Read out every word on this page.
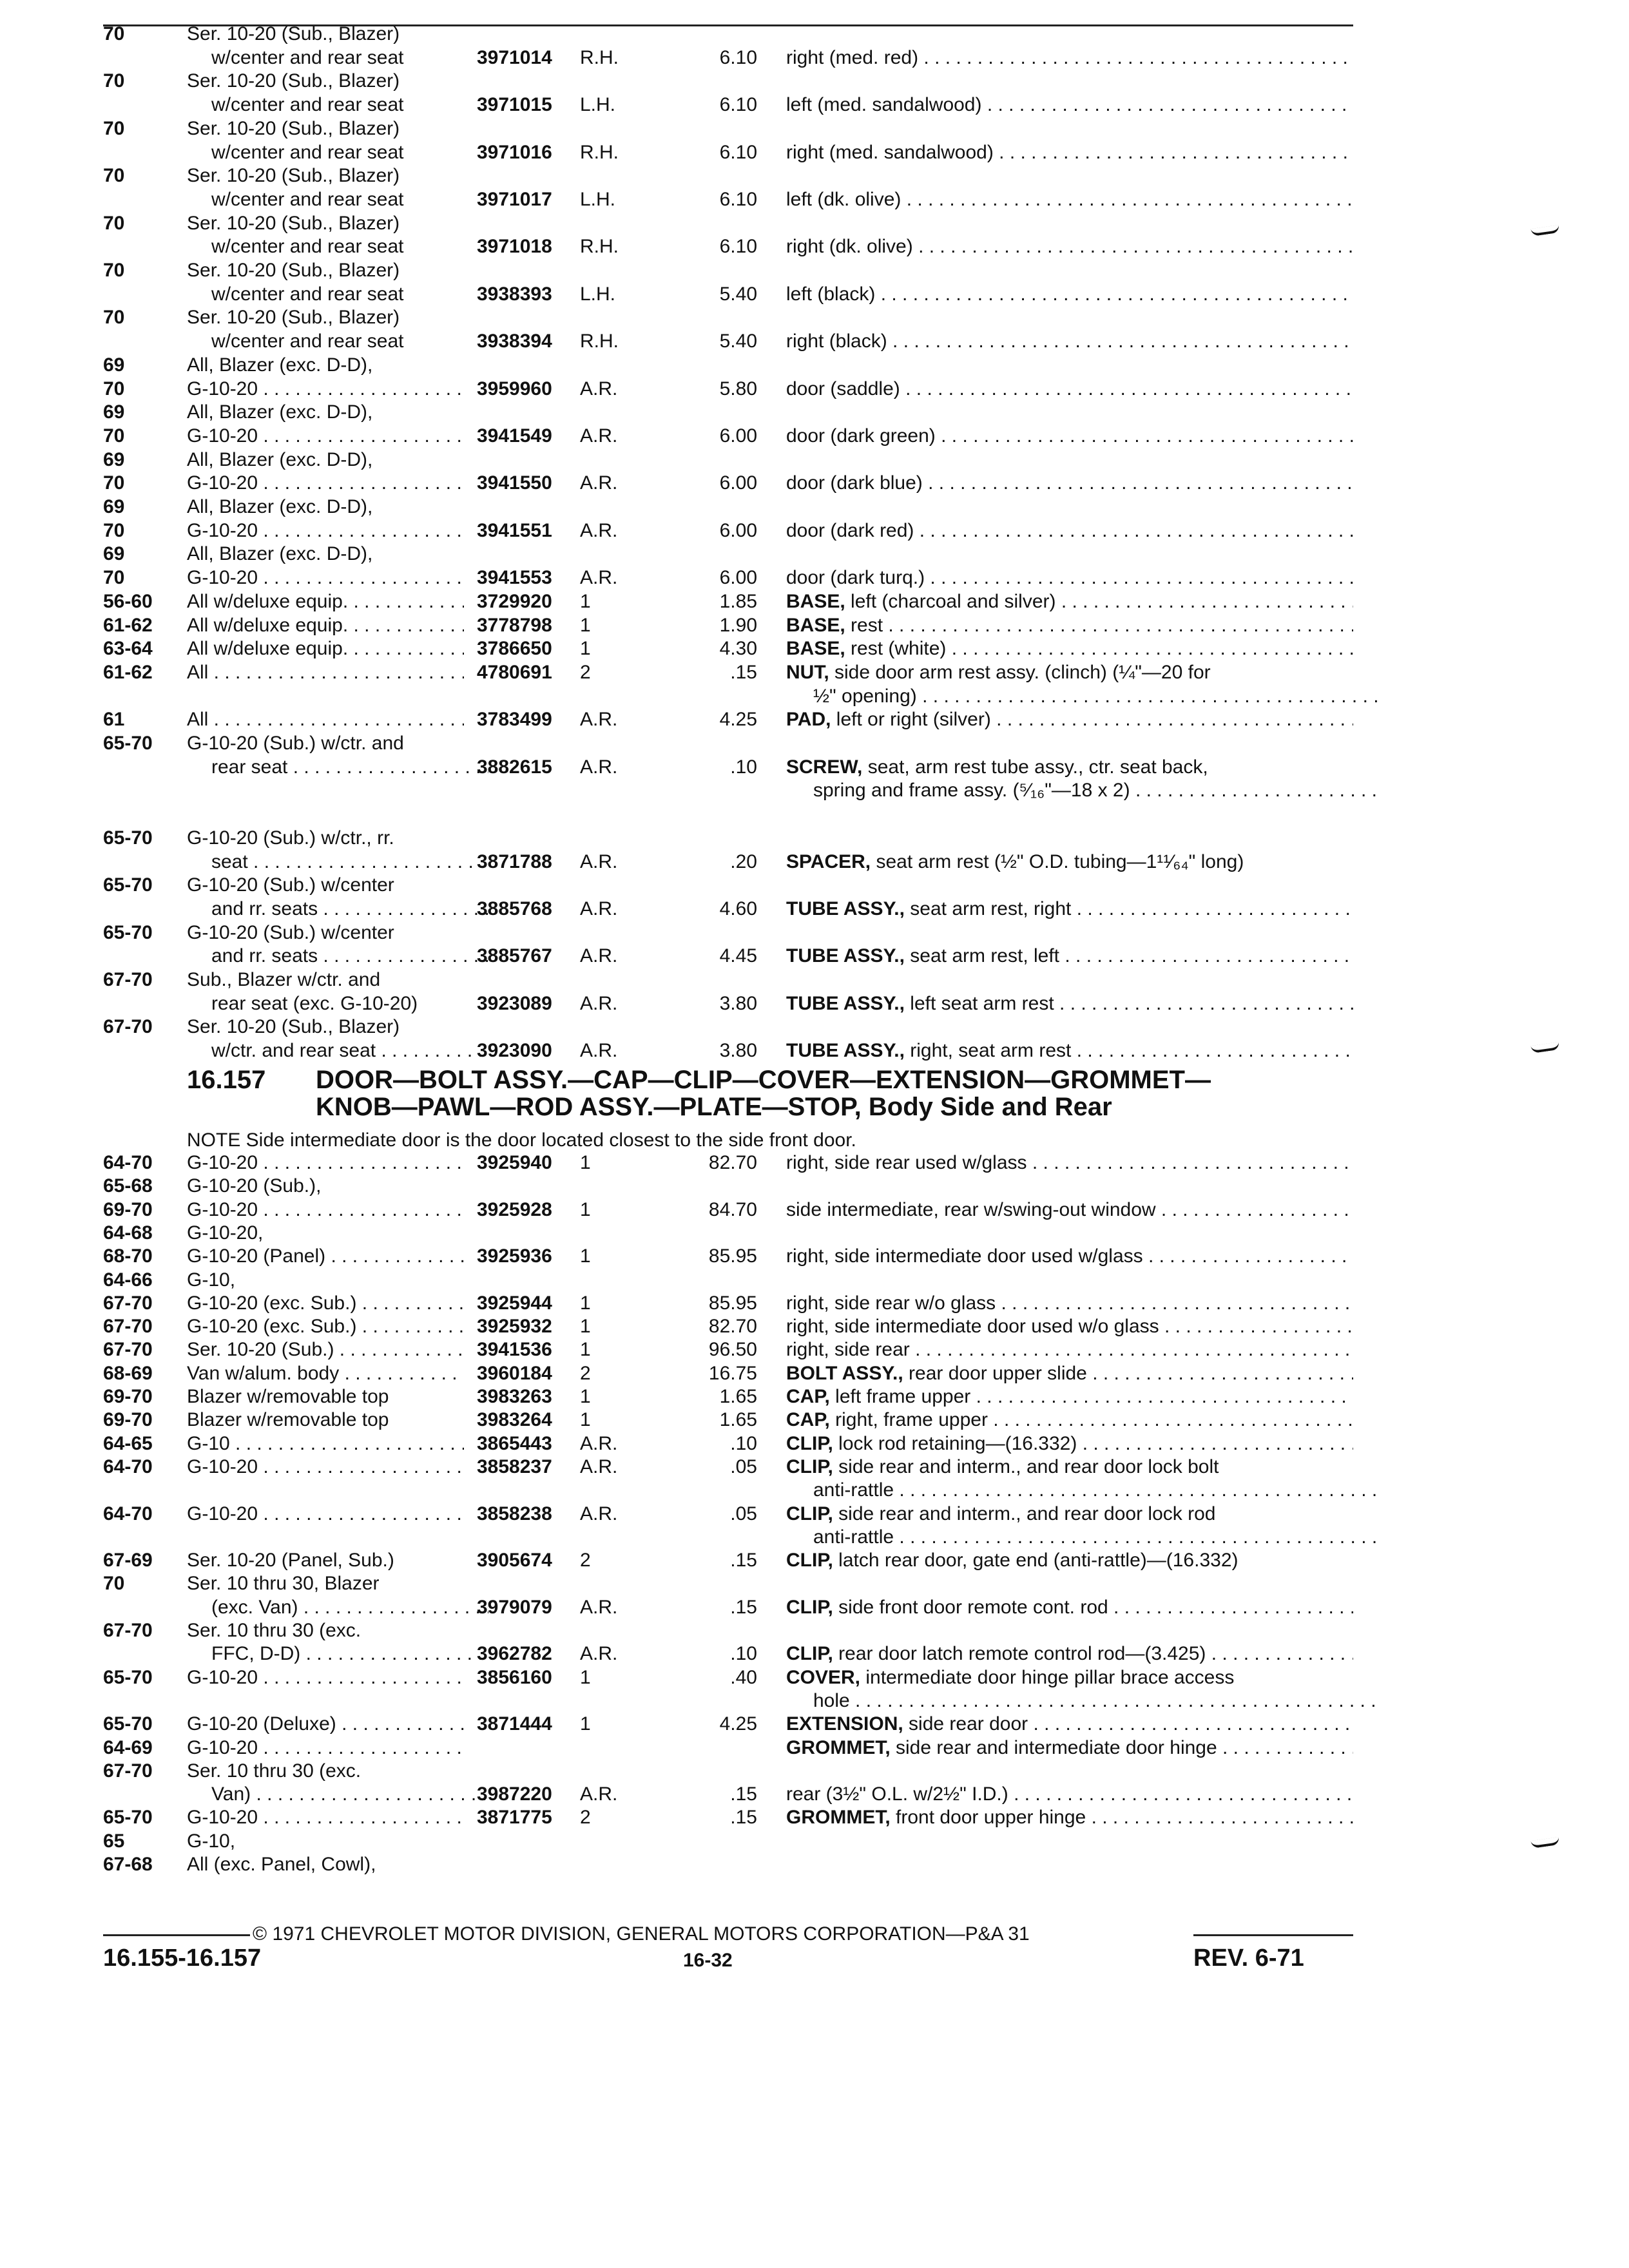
70	Ser. 10-20 (Sub., Blazer)
w/center and rear seat	3971014	R.H.	6.10 right (med. red) . . .
70	Ser. 10-20 (Sub., Blazer)
w/center and rear seat	3971015	L.H.	6.10 left (med. sandalwood) . . .
70	Ser. 10-20 (Sub., Blazer)
w/center and rear seat	3971016	R.H.	6.10 right (med. sandalwood) . . .
70	Ser. 10-20 (Sub., Blazer)
w/center and rear seat	3971017	L.H.	6.10 left (dk. olive) . . .
70	Ser. 10-20 (Sub., Blazer)
w/center and rear seat	3971018	R.H.	6.10 right (dk. olive) . . .
70	Ser. 10-20 (Sub., Blazer)
w/center and rear seat	3938393	L.H.	5.40 left (black) . . .
70	Ser. 10-20 (Sub., Blazer)
w/center and rear seat	3938394	R.H.	5.40 right (black) . . .
69	All, Blazer (exc. D-D),
70	G-10-20 . . .	3959960	A.R.	5.80 door (saddle) . . .
69	All, Blazer (exc. D-D),
70	G-10-20 . . .	3941549	A.R.	6.00 door (dark green) . . .
69	All, Blazer (exc. D-D),
70	G-10-20 . . .	3941550	A.R.	6.00 door (dark blue) . . .
69	All, Blazer (exc. D-D),
70	G-10-20 . . .	3941551	A.R.	6.00 door (dark red) . . .
69	All, Blazer (exc. D-D),
70	G-10-20 . . .	3941553	A.R.	6.00 door (dark turq.) . . .
56-60	All w/deluxe equip. . . .	3729920	1	1.85 BASE, left (charcoal and silver) . . .
61-62	All w/deluxe equip. . . .	3778798	1	1.90 BASE, rest . . .
63-64	All w/deluxe equip. . . .	3786650	1	4.30 BASE, rest (white) . . .
61-62	All . . .	4780691	2	.15 NUT, side door arm rest assy. (clinch) (¼"—20 for
½" opening) . . .
61	All . . .	3783499	A.R.	4.25 PAD, left or right (silver) . . .
65-70	G-10-20 (Sub.) w/ctr. and
rear seat . . .	3882615	A.R.	.10 SCREW, seat, arm rest tube assy., ctr. seat back,
spring and frame assy. (⁵⁄₁₆"—18 x 2) . . .
65-70	G-10-20 (Sub.) w/ctr., rr.
seat . . .	3871788	A.R.	.20 SPACER, seat arm rest (½" O.D. tubing—1¹¹⁄₆₄" long)
65-70	G-10-20 (Sub.) w/center
and rr. seats . . .	3885768	A.R.	4.60 TUBE ASSY., seat arm rest, right . . .
65-70	G-10-20 (Sub.) w/center
and rr. seats . . .	3885767	A.R.	4.45 TUBE ASSY., seat arm rest, left . . .
67-70	Sub., Blazer w/ctr. and
rear seat (exc. G-10-20)	3923089	A.R.	3.80 TUBE ASSY., left seat arm rest . . .
67-70	Ser. 10-20 (Sub., Blazer)
w/ctr. and rear seat . . .	3923090	A.R.	3.80 TUBE ASSY., right, seat arm rest . . .
16.157 DOOR—BOLT ASSY.—CAP—CLIP—COVER—EXTENSION—GROMMET—
KNOB—PAWL—ROD ASSY.—PLATE—STOP, Body Side and Rear
NOTE Side intermediate door is the door located closest to the side front door.
64-70	G-10-20 . . .	3925940	1	82.70 right, side rear used w/glass . . .
65-68	G-10-20 (Sub.),
69-70	G-10-20 . . .	3925928	1	84.70 side intermediate, rear w/swing-out window . . .
64-68	G-10-20,
68-70	G-10-20 (Panel) . . .	3925936	1	85.95 right, side intermediate door used w/glass . . .
64-66	G-10,
67-70	G-10-20 (exc. Sub.) . . .	3925944	1	85.95 right, side rear w/o glass . . .
67-70	G-10-20 (exc. Sub.) . . .	3925932	1	82.70 right, side intermediate door used w/o glass . . .
67-70	Ser. 10-20 (Sub.) . . .	3941536	1	96.50 right, side rear . . .
68-69	Van w/alum. body . . .	3960184	2	16.75 BOLT ASSY., rear door upper slide . . .
69-70	Blazer w/removable top	3983263	1	1.65 CAP, left frame upper . . .
69-70	Blazer w/removable top	3983264	1	1.65 CAP, right, frame upper . . .
64-65	G-10 . . .	3865443	A.R.	.10 CLIP, lock rod retaining—(16.332) . . .
64-70	G-10-20 . . .	3858237	A.R.	.05 CLIP, side rear and interm., and rear door lock bolt
anti-rattle . . .
64-70	G-10-20 . . .	3858238	A.R.	.05 CLIP, side rear and interm., and rear door lock rod
anti-rattle . . .
67-69	Ser. 10-20 (Panel, Sub.)	3905674	2	.15 CLIP, latch rear door, gate end (anti-rattle)—(16.332)
70	Ser. 10 thru 30, Blazer
(exc. Van) . . .	3979079	A.R.	.15 CLIP, side front door remote cont. rod . . .
67-70	Ser. 10 thru 30 (exc.
FFC, D-D) . . .	3962782	A.R.	.10 CLIP, rear door latch remote control rod—(3.425) . . .
65-70	G-10-20 . . .	3856160	1	.40 COVER, intermediate door hinge pillar brace access
hole . . .
65-70	G-10-20 (Deluxe) . . .	3871444	1	4.25 EXTENSION, side rear door . . .
64-69	G-10-20 . . .	GROMMET, side rear and intermediate door hinge . . .
67-70	Ser. 10 thru 30 (exc.
Van) . . .	3987220	A.R.	.15 rear (3½" O.L. w/2½" I.D.) . . .
65-70	G-10-20 . . .	3871775	2	.15 GROMMET, front door upper hinge . . .
65	G-10,
67-68	All (exc. Panel, Cowl),
© 1971 CHEVROLET MOTOR DIVISION, GENERAL MOTORS CORPORATION—P&A 31
16.155-16.157	16-32	REV. 6-71
